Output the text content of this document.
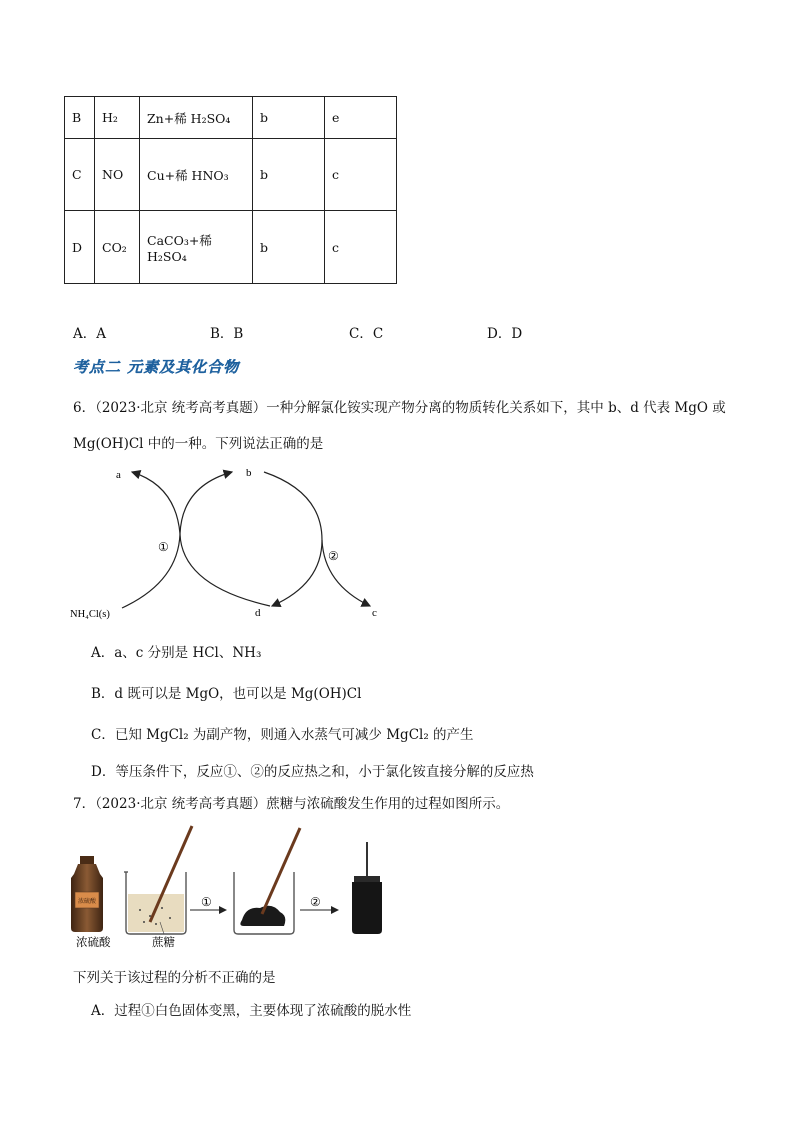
B	H₂	Zn+稀 H₂SO₄	b	e
C	NO	Cu+稀 HNO₃	b	c
D	CO₂	CaCO₃+稀 H₂SO₄	b	c
A．A	B．B	C．C	D．D
考点二 元素及其化合物
6．（2023·北京 统考高考真题）一种分解氯化铵实现产物分离的物质转化关系如下，其中 b、d 代表 MgO 或
Mg(OH)Cl 中的一种。下列说法正确的是
a	b
c
d
NH₄Cl(s)
①
②
A．a、c 分别是 HCl、NH₃
B．d 既可以是 MgO，也可以是 Mg(OH)Cl
C．已知 MgCl₂ 为副产物，则通入水蒸气可减少 MgCl₂ 的产生
D．等压条件下，反应①、②的反应热之和，小于氯化铵直接分解的反应热
7．（2023·北京 统考高考真题）蔗糖与浓硫酸发生作用的过程如图所示。
浓硫酸	①	②
浓硫酸	蔗糖
下列关于该过程的分析不正确的是
A．过程①白色固体变黑，主要体现了浓硫酸的脱水性
